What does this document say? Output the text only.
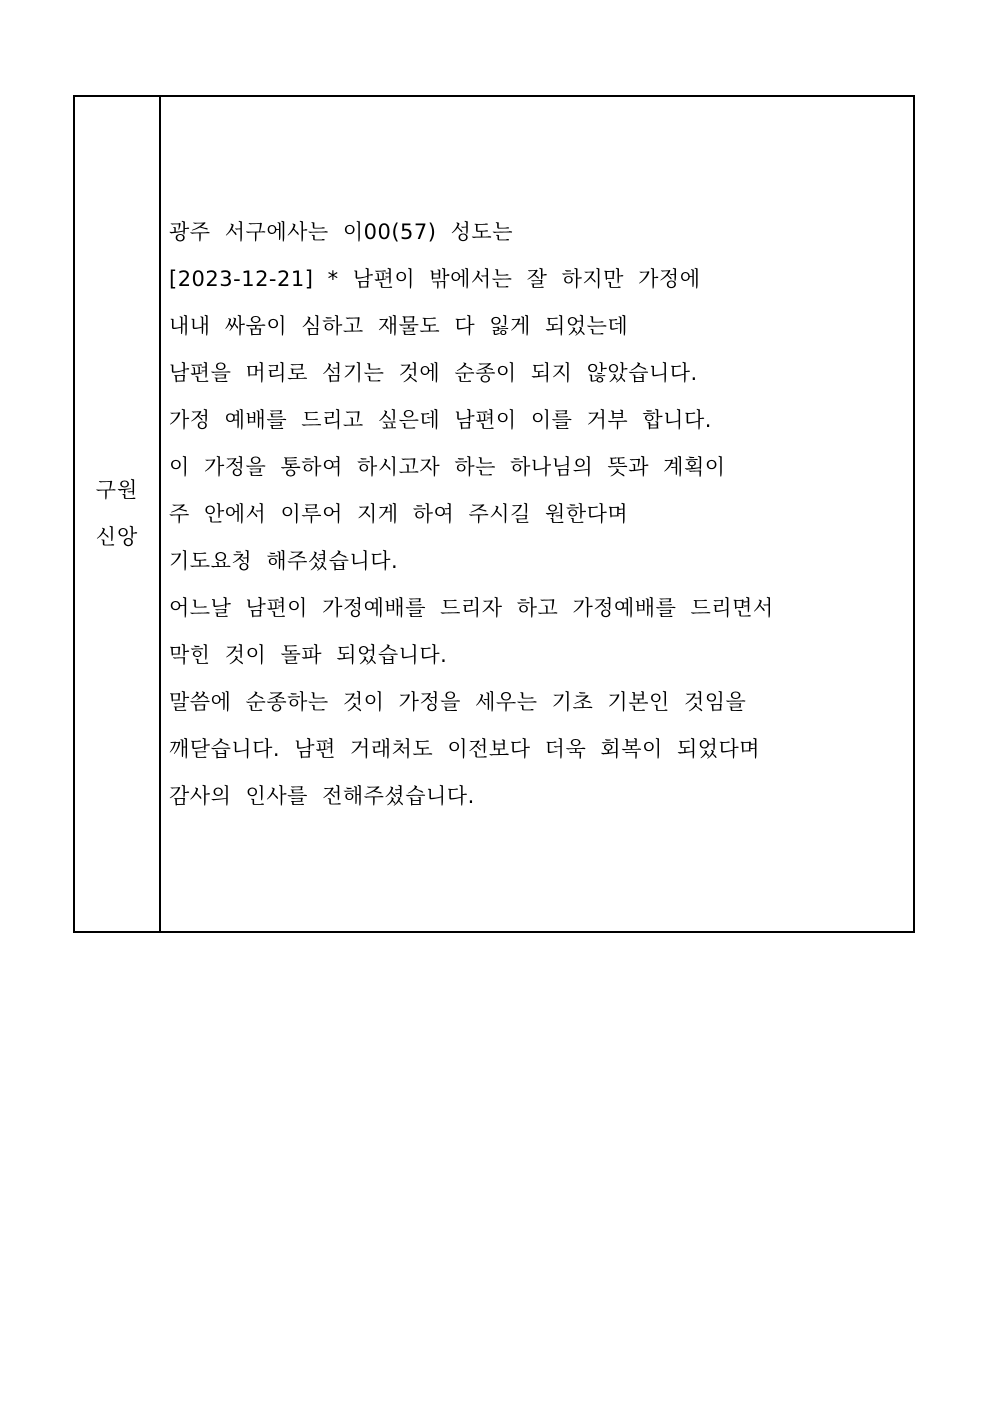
구원
신앙
광주 서구에사는 이00(57) 성도는
[2023-12-21] * 남편이 밖에서는 잘 하지만 가정에
내내 싸움이 심하고 재물도 다 잃게 되었는데
남편을 머리로 섬기는 것에 순종이 되지 않았습니다.
가정 예배를 드리고 싶은데 남편이 이를 거부 합니다.
이 가정을 통하여 하시고자 하는 하나님의 뜻과 계획이
주 안에서 이루어 지게 하여 주시길 원한다며
기도요청 해주셨습니다.
어느날 남편이 가정예배를 드리자 하고 가정예배를 드리면서
막힌 것이 돌파 되었습니다.
말씀에 순종하는 것이 가정을 세우는 기초 기본인 것임을
깨닫습니다. 남편 거래처도 이전보다 더욱 회복이 되었다며
감사의 인사를 전해주셨습니다.
